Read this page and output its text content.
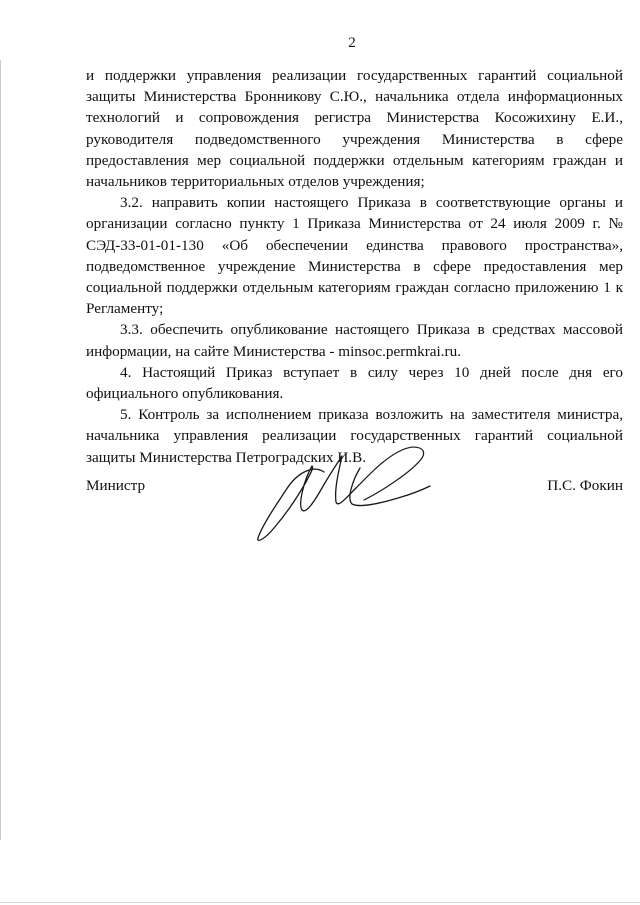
2

и поддержки управления реализации государственных гарантий социальной защиты Министерства Бронникову С.Ю., начальника отдела информационных технологий и сопровождения регистра Министерства Косожихину Е.И., руководителя подведомственного учреждения Министерства в сфере предоставления мер социальной поддержки отдельным категориям граждан и начальников территориальных отделов учреждения;

3.2. направить копии настоящего Приказа в соответствующие органы и организации согласно пункту 1 Приказа Министерства от 24 июля 2009 г. № СЭД-33-01-01-130 «Об обеспечении единства правового пространства», подведомственное учреждение Министерства в сфере предоставления мер социальной поддержки отдельным категориям граждан согласно приложению 1 к Регламенту;

3.3. обеспечить опубликование настоящего Приказа в средствах массовой информации, на сайте Министерства - minsoc.permkrai.ru.

4. Настоящий Приказ вступает в силу через 10 дней после дня его официального опубликования.

5. Контроль за исполнением приказа возложить на заместителя министра, начальника управления реализации государственных гарантий социальной защиты Министерства Петроградских И.В.

Министр	П.С. Фокин
